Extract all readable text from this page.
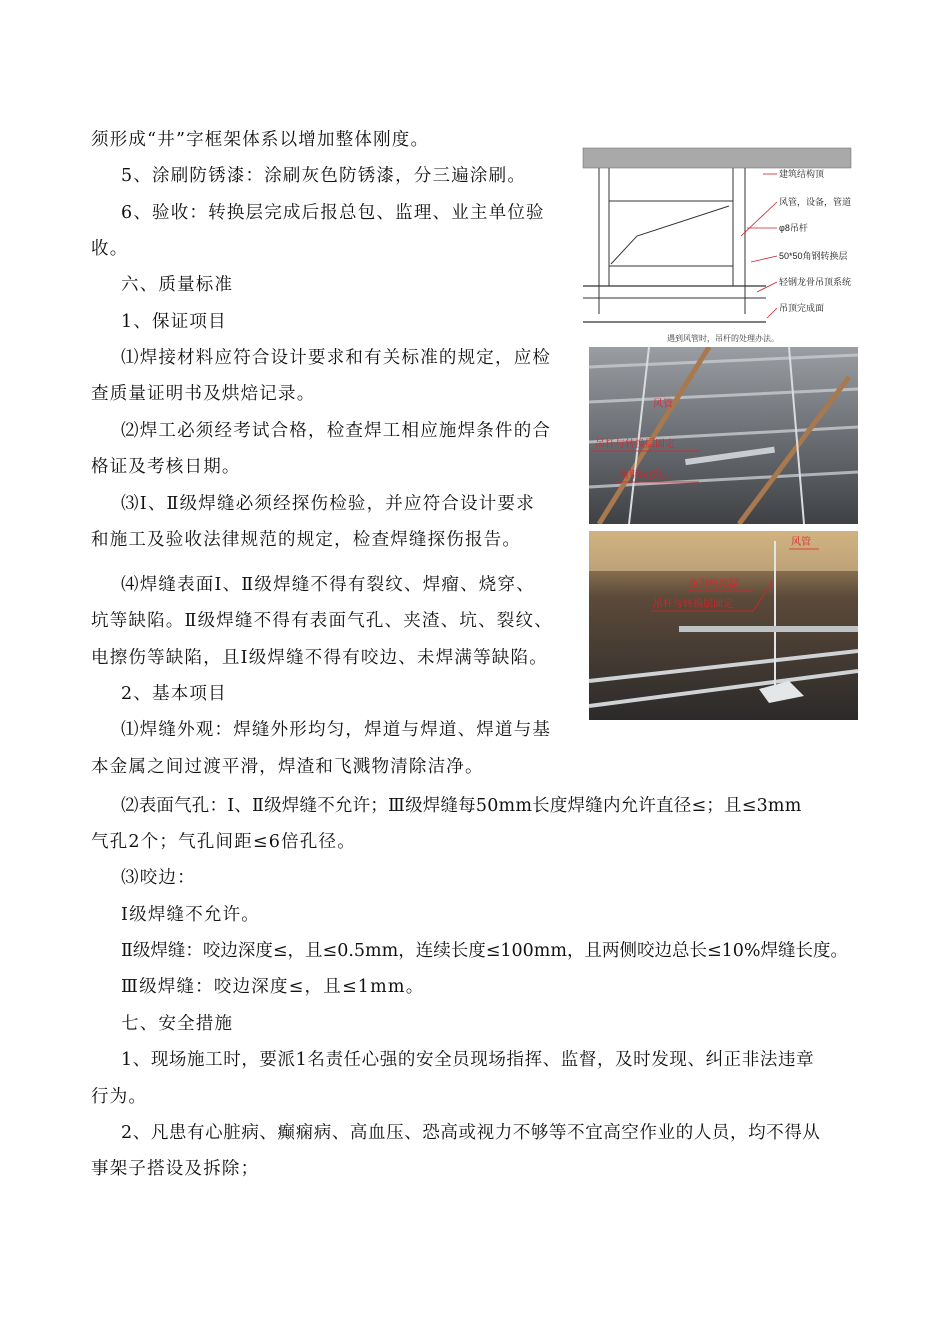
须形成“井”字框架体系以增加整体刚度。
5、涂刷防锈漆：涂刷灰色防锈漆，分三遍涂刷。
6、验收：转换层完成后报总包、监理、业主单位验
收。
六、质量标准
1、保证项目
⑴焊接材料应符合设计要求和有关标准的规定，应检
查质量证明书及烘焙记录。
⑵焊工必须经考试合格，检查焊工相应施焊条件的合
格证及考核日期。
⑶Ⅰ、Ⅱ级焊缝必须经探伤检验，并应符合设计要求
和施工及验收法律规范的规定，检查焊缝探伤报告。
⑷焊缝表面Ⅰ、Ⅱ级焊缝不得有裂纹、焊瘤、烧穿、
坑等缺陷。Ⅱ级焊缝不得有表面气孔、夹渣、坑、裂纹、
电擦伤等缺陷，且Ⅰ级焊缝不得有咬边、未焊满等缺陷。
2、基本项目
⑴焊缝外观：焊缝外形均匀，焊道与焊道、焊道与基
本金属之间过渡平滑，焊渣和飞溅物清除洁净。
⑵表面气孔：Ⅰ、Ⅱ级焊缝不允许；Ⅲ级焊缝每50mm长度焊缝内允许直径≤；且≤3mm
气孔2个；气孔间距≤6倍孔径。
⑶咬边：
Ⅰ级焊缝不允许。
Ⅱ级焊缝：咬边深度≤，且≤0.5mm，连续长度≤100mm，且两侧咬边总长≤10%焊缝长度。
Ⅲ级焊缝：咬边深度≤，且≤1mm。
七、安全措施
1、现场施工时，要派1名责任心强的安全员现场指挥、监督，及时发现、纠正非法违章
行为。
2、凡患有心脏病、癫痫病、高血压、恐高或视力不够等不宜高空作业的人员，均不得从
事架子搭设及拆除；
建筑结构顶
风管，设备，管道
φ8吊杆
50*50角钢转换层
轻钢龙骨吊顶系统
吊顶完成面
遇到风管时，吊杆的处理办法。
风管
吊杆与转换层固定
角钢转换层
风管
角钢转换层
吊杆与转换层固定
